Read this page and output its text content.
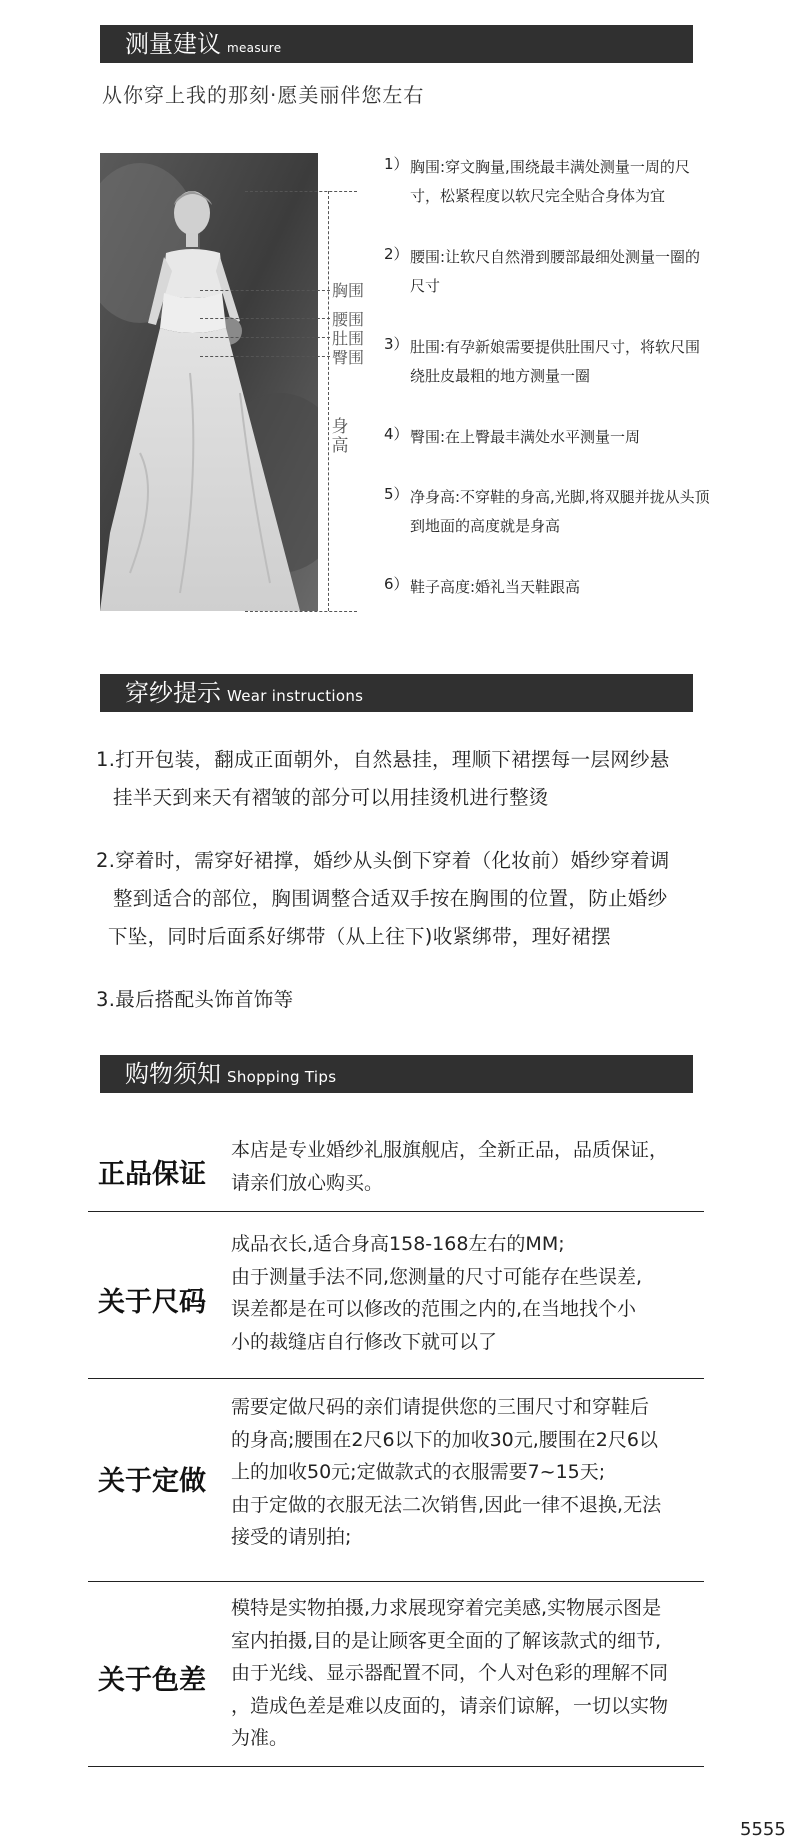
测量建议 measure
从你穿上我的那刻·愿美丽伴您左右
胸围
腰围
肚围
臀围
身高
1） 胸围:穿文胸量,围绕最丰满处测量一周的尺寸，松紧程度以软尺完全贴合身体为宜
2） 腰围:让软尺自然滑到腰部最细处测量一圈的尺寸
3） 肚围:有孕新娘需要提供肚围尺寸，将软尺围绕肚皮最粗的地方测量一圈
4） 臀围:在上臀最丰满处水平测量一周
5） 净身高:不穿鞋的身高,光脚,将双腿并拢从头顶到地面的高度就是身高
6） 鞋子高度:婚礼当天鞋跟高
穿纱提示 Wear instructions
1.打开包装，翻成正面朝外，自然悬挂，理顺下裙摆每一层网纱悬
挂半天到来天有褶皱的部分可以用挂烫机进行整烫
2.穿着时，需穿好裙撑，婚纱从头倒下穿着（化妆前）婚纱穿着调
整到适合的部位，胸围调整合适双手按在胸围的位置，防止婚纱
下坠，同时后面系好绑带（从上往下)收紧绑带，理好裙摆
3.最后搭配头饰首饰等
购物须知 Shopping Tips
正品保证
本店是专业婚纱礼服旗舰店，全新正品，品质保证，
请亲们放心购买。
关于尺码
成品衣长,适合身高158-168左右的MM;
由于测量手法不同,您测量的尺寸可能存在些误差,
误差都是在可以修改的范围之内的,在当地找个小
小的裁缝店自行修改下就可以了
关于定做
需要定做尺码的亲们请提供您的三围尺寸和穿鞋后
的身高;腰围在2尺6以下的加收30元,腰围在2尺6以
上的加收50元;定做款式的衣服需要7~15天;
由于定做的衣服无法二次销售,因此一律不退换,无法
接受的请别拍;
关于色差
模特是实物拍摄,力求展现穿着完美感,实物展示图是
室内拍摄,目的是让顾客更全面的了解该款式的细节,
由于光线、显示器配置不同，个人对色彩的理解不同
，造成色差是难以皮面的，请亲们谅解，一切以实物
为准。
5555
